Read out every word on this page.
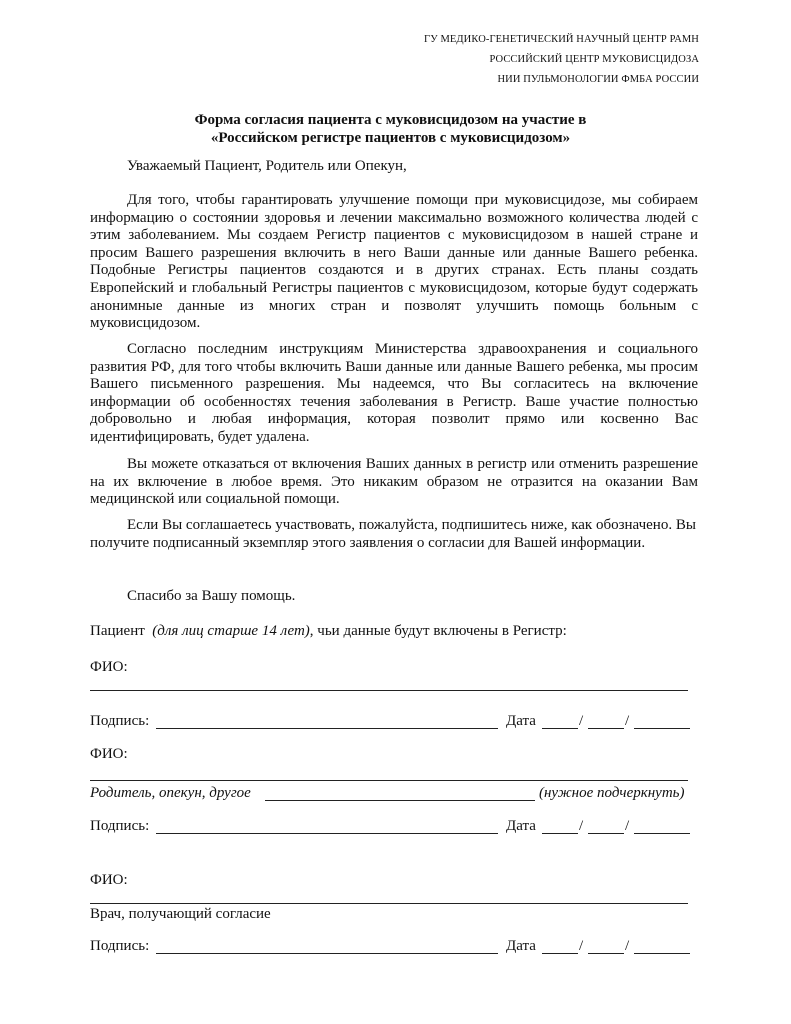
ГУ МЕДИКО-ГЕНЕТИЧЕСКИЙ НАУЧНЫЙ ЦЕНТР РАМН
РОССИЙСКИЙ ЦЕНТР МУКОВИСЦИДОЗА
НИИ ПУЛЬМОНОЛОГИИ ФМБА РОССИИ
Форма согласия пациента с муковисцидозом на участие в
«Российском регистре пациентов с муковисцидозом»
Уважаемый Пациент, Родитель или Опекун,
Для того, чтобы гарантировать улучшение помощи при муковисцидозе, мы собираем информацию о состоянии здоровья и лечении максимально возможного количества людей с этим заболеванием. Мы создаем Регистр пациентов с муковисцидозом в нашей стране и просим Вашего разрешения включить в него Ваши данные или данные Вашего ребенка. Подобные Регистры пациентов создаются и в других странах. Есть планы создать Европейский и глобальный Регистры пациентов с муковисцидозом, которые будут содержать анонимные данные из многих стран и позволят улучшить помощь больным с муковисцидозом.
Согласно последним инструкциям Министерства здравоохранения и социального развития РФ, для того чтобы включить Ваши данные или данные Вашего ребенка, мы просим Вашего письменного разрешения. Мы надеемся, что Вы согласитесь на включение информации об особенностях течения заболевания в Регистр. Ваше участие полностью добровольно и любая информация, которая позволит прямо или косвенно Вас идентифицировать, будет удалена.
Вы можете отказаться от включения Ваших данных в регистр или отменить разрешение на их включение в любое время. Это никаким образом не отразится на оказании Вам медицинской или социальной помощи.
Если Вы соглашаетесь участвовать, пожалуйста, подпишитесь ниже, как обозначено. Вы получите подписанный экземпляр этого заявления о согласии для Вашей информации.
Спасибо за Вашу помощь.
Пациент (для лиц старше 14 лет), чьи данные будут включены в Регистр:
ФИО:
Подпись:	Дата	/	/
ФИО:
Родитель, опекун, другое	(нужное подчеркнуть)
Подпись:	Дата	/	/
ФИО:
Врач, получающий согласие
Подпись:	Дата	/	/
